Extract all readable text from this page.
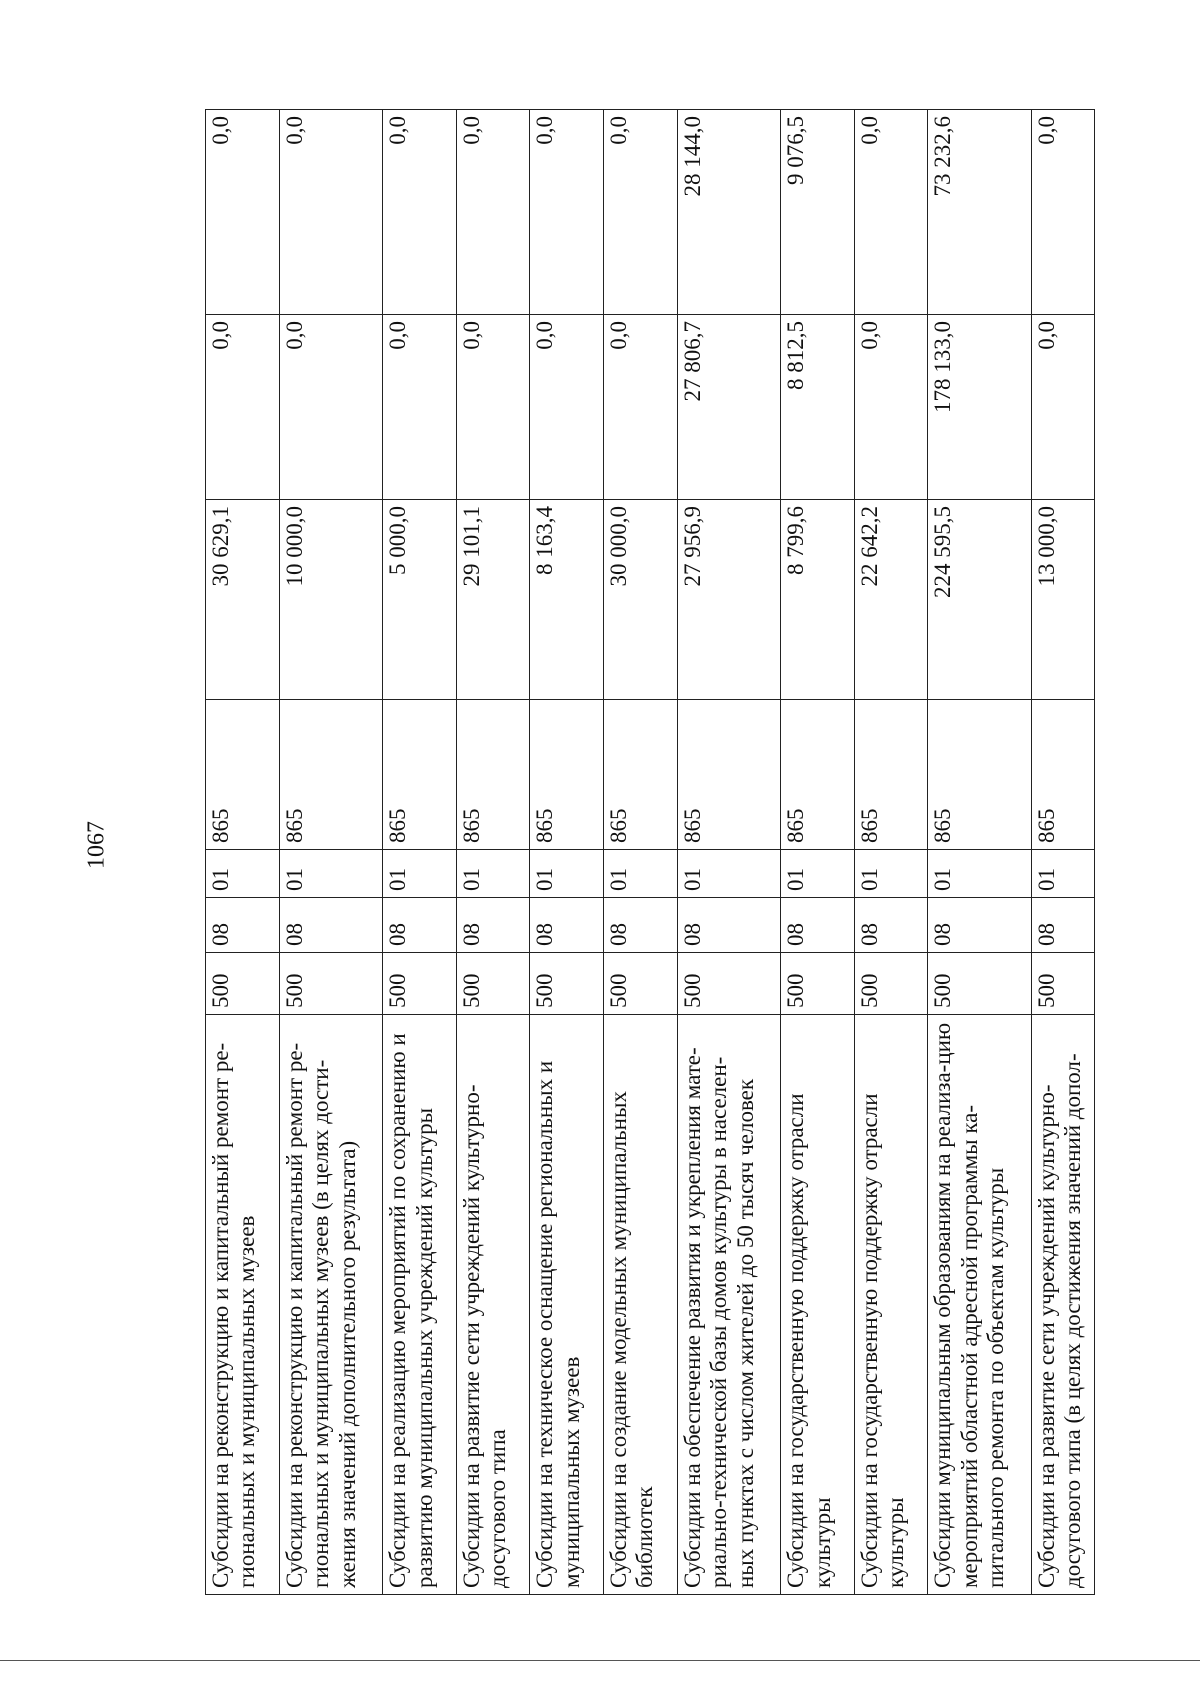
1067
Субсидии на реконструкцию и капитальный ремонт ре-гиональных и муниципальных музеев	500	08	01	865	30 629,1	0,0	0,0
Субсидии на реконструкцию и капитальный ремонт ре-гиональных и муниципальных музеев (в целях дости-жения значений дополнительного результата)	500	08	01	865	10 000,0	0,0	0,0
Субсидии на реализацию мероприятий по сохранению и развитию муниципальных учреждений культуры	500	08	01	865	5 000,0	0,0	0,0
Субсидии на развитие сети учреждений культурно-досугового типа	500	08	01	865	29 101,1	0,0	0,0
Субсидии на техническое оснащение региональных и муниципальных музеев	500	08	01	865	8 163,4	0,0	0,0
Субсидии на создание модельных муниципальных библиотек	500	08	01	865	30 000,0	0,0	0,0
Субсидии на обеспечение развития и укрепления мате-риально-технической базы домов культуры в населен-ных пунктах с числом жителей до 50 тысяч человек	500	08	01	865	27 956,9	27 806,7	28 144,0
Субсидии на государственную поддержку отрасли культуры	500	08	01	865	8 799,6	8 812,5	9 076,5
Субсидии на государственную поддержку отрасли культуры	500	08	01	865	22 642,2	0,0	0,0
Субсидии муниципальным образованиям на реализа-цию мероприятий областной адресной программы ка-питального ремонта по объектам культуры	500	08	01	865	224 595,5	178 133,0	73 232,6
Субсидии на развитие сети учреждений культурно-досугового типа (в целях достижения значений допол-	500	08	01	865	13 000,0	0,0	0,0
